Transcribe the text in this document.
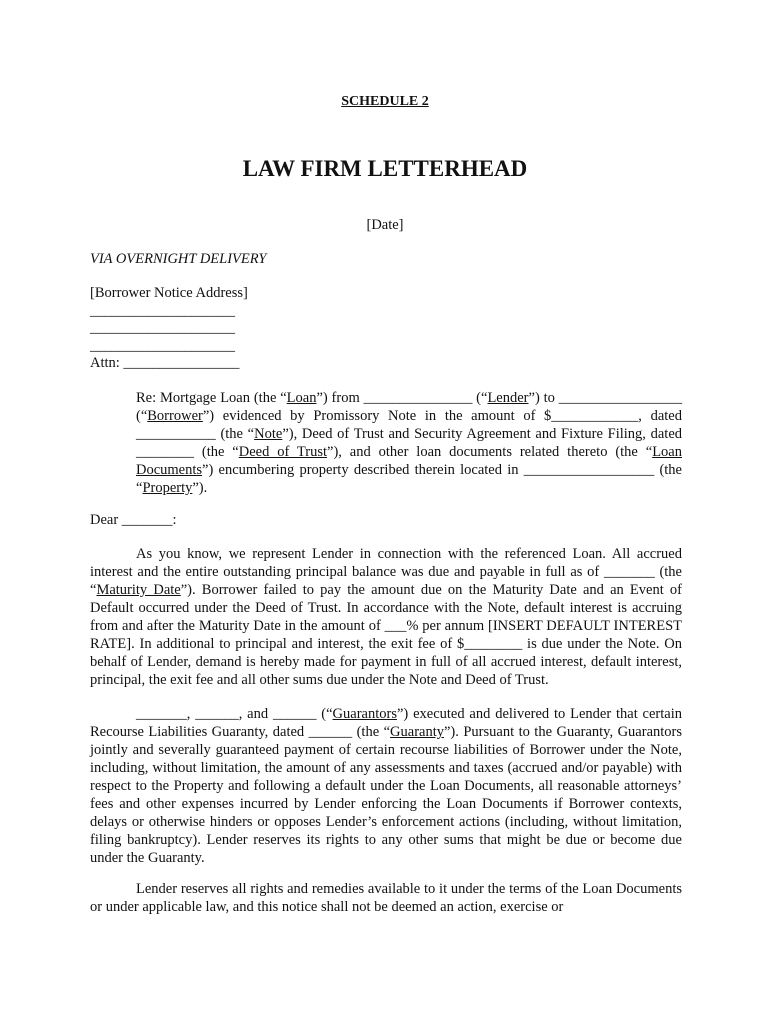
SCHEDULE 2
LAW FIRM LETTERHEAD
[Date]
VIA OVERNIGHT DELIVERY
[Borrower Notice Address]
____________________
____________________
____________________
Attn: ________________
Re: Mortgage Loan (the “Loan”) from _______________ (“Lender”) to _________________ (“Borrower”) evidenced by Promissory Note in the amount of $____________, dated ___________ (the “Note”), Deed of Trust and Security Agreement and Fixture Filing, dated ________ (the “Deed of Trust”), and other loan documents related thereto (the “Loan Documents”) encumbering property described therein located in __________________ (the “Property”).
Dear _______:
As you know, we represent Lender in connection with the referenced Loan. All accrued interest and the entire outstanding principal balance was due and payable in full as of _______ (the “Maturity Date”). Borrower failed to pay the amount due on the Maturity Date and an Event of Default occurred under the Deed of Trust. In accordance with the Note, default interest is accruing from and after the Maturity Date in the amount of ___% per annum [INSERT DEFAULT INTEREST RATE]. In additional to principal and interest, the exit fee of $________ is due under the Note. On behalf of Lender, demand is hereby made for payment in full of all accrued interest, default interest, principal, the exit fee and all other sums due under the Note and Deed of Trust.
_______, ______, and ______ (“Guarantors”) executed and delivered to Lender that certain Recourse Liabilities Guaranty, dated ______ (the “Guaranty”). Pursuant to the Guaranty, Guarantors jointly and severally guaranteed payment of certain recourse liabilities of Borrower under the Note, including, without limitation, the amount of any assessments and taxes (accrued and/or payable) with respect to the Property and following a default under the Loan Documents, all reasonable attorneys’ fees and other expenses incurred by Lender enforcing the Loan Documents if Borrower contexts, delays or otherwise hinders or opposes Lender’s enforcement actions (including, without limitation, filing bankruptcy). Lender reserves its rights to any other sums that might be due or become due under the Guaranty.
Lender reserves all rights and remedies available to it under the terms of the Loan Documents or under applicable law, and this notice shall not be deemed an action, exercise or
